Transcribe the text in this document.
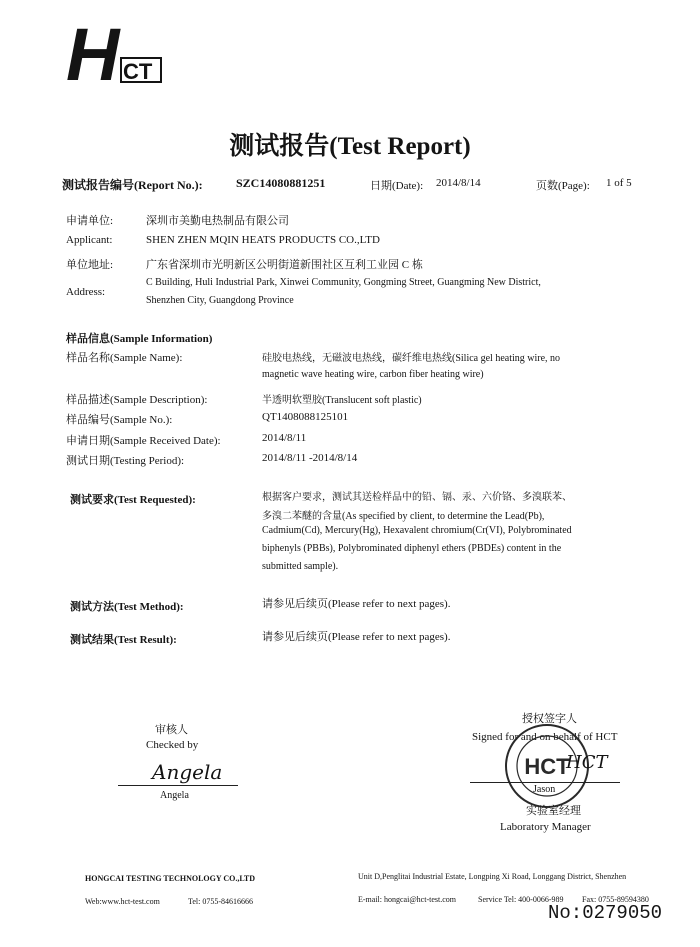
H CT
测试报告(Test Report)
测试报告编号(Report No.):	SZC14080881251	日期(Date): 2014/8/14	页数(Page): 1 of 5
申请单位:	深圳市美勤电热制品有限公司
Applicant:	SHEN ZHEN MQIN HEATS PRODUCTS CO.,LTD
单位地址:	广东省深圳市光明新区公明街道新围社区互利工业园 C 栋
Address:
C Building, Huli Industrial Park, Xinwei Community, Gongming Street, Guangming New District,
Shenzhen City, Guangdong Province
样品信息(Sample Information)
样品名称(Sample Name):	硅胶电热线，无磁波电热线，碳纤维电热线(Silica gel heating wire, no
magnetic wave heating wire, carbon fiber heating wire)
样品描述(Sample Description):	半透明软塑胶(Translucent soft plastic)
样品编号(Sample No.):	QT1408088125101
申请日期(Sample Received Date):	2014/8/11
测试日期(Testing Period):	2014/8/11 -2014/8/14
测试要求(Test Requested):	根据客户要求，测试其送检样品中的铅、镉、汞、六价铬、多溴联苯、
多溴二苯醚的含量(As specified by client, to determine the Lead(Pb),
Cadmium(Cd), Mercury(Hg), Hexavalent chromium(Cr(VI), Polybrominated
biphenyls (PBBs), Polybrominated diphenyl ethers (PBDEs) content in the
submitted sample).
测试方法(Test Method):	请参见后续页(Please refer to next pages).
测试结果(Test Result):	请参见后续页(Please refer to next pages).
审核人
Checked by
Angela
Angela
授权签字人
Signed for and on behalf of HCT
HCT
HCT
Jason
实验室经理
Laboratory Manager
HONGCAI TESTING TECHNOLOGY CO.,LTD	Unit D,Penglitai Industrial Estate, Longping Xi Road, Longgang District, Shenzhen
Web:www.hct-test.com	Tel: 0755-84616666	E-mail: hongcai@hct-test.com	Service Tel: 400-0066-989 Fax: 0755-89594380
No:0279050
